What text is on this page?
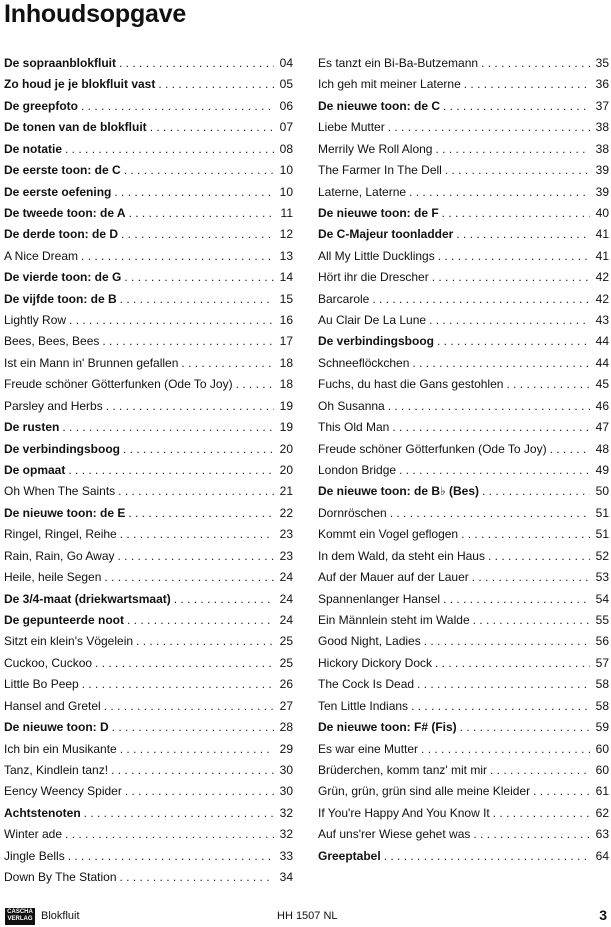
Inhoudsopgave
De sopraanblokfluit . . .	04
Zo houd je je blokfluit vast . . .	05
De greepfoto . . .	06
De tonen van de blokfluit . . .	07
De notatie . . .	08
De eerste toon: de C . . .	10
De eerste oefening . . .	10
De tweede toon: de A . . .	11
De derde toon: de D . . .	12
A Nice Dream . . .	13
De vierde toon: de G . . .	14
De vijfde toon: de B . . .	15
Lightly Row . . .	16
Bees, Bees, Bees . . .	17
Ist ein Mann in' Brunnen gefallen . . .	18
Freude schöner Götterfunken (Ode To Joy) . . .	18
Parsley and Herbs . . .	19
De rusten . . .	19
De verbindingsboog . . .	20
De opmaat . . .	20
Oh When The Saints . . .	21
De nieuwe toon: de E . . .	22
Ringel, Ringel, Reihe . . .	23
Rain, Rain, Go Away . . .	23
Heile, heile Segen . . .	24
De 3/4-maat (driekwartsmaat) . . .	24
De gepunteerde noot . . .	24
Sitzt ein klein's Vögelein . . .	25
Cuckoo, Cuckoo . . .	25
Little Bo Peep . . .	26
Hansel and Gretel . . .	27
De nieuwe toon: D . . .	28
Ich bin ein Musikante . . .	29
Tanz, Kindlein tanz! . . .	30
Eency Weency Spider . . .	30
Achtstenoten . . .	32
Winter ade . . .	32
Jingle Bells . . .	33
Down By The Station . . .	34
Es tanzt ein Bi-Ba-Butzemann . . .	35
Ich geh mit meiner Laterne . . .	36
De nieuwe toon: de C . . .	37
Liebe Mutter . . .	38
Merrily We Roll Along . . .	38
The Farmer In The Dell . . .	39
Laterne, Laterne . . .	39
De nieuwe toon: de F . . .	40
De C-Majeur toonladder . . .	41
All My Little Ducklings . . .	41
Hört ihr die Drescher . . .	42
Barcarole . . .	42
Au Clair De La Lune . . .	43
De verbindingsboog . . .	44
Schneeflöckchen . . .	44
Fuchs, du hast die Gans gestohlen . . .	45
Oh Susanna . . .	46
This Old Man . . .	47
Freude schöner Götterfunken (Ode To Joy) . . .	48
London Bridge . . .	49
De nieuwe toon: de B♭ (Bes) . . .	50
Dornröschen . . .	51
Kommt ein Vogel geflogen . . .	51
In dem Wald, da steht ein Haus . . .	52
Auf der Mauer auf der Lauer . . .	53
Spannenlanger Hansel . . .	54
Ein Männlein steht im Walde . . .	55
Good Night, Ladies . . .	56
Hickory Dickory Dock . . .	57
The Cock Is Dead . . .	58
Ten Little Indians . . .	58
De nieuwe toon: F# (Fis) . . .	59
Es war eine Mutter . . .	60
Brüderchen, komm tanz' mit mir . . .	60
Grün, grün, grün sind alle meine Kleider . . .	61
If You're Happy And You Know It . . .	62
Auf uns'rer Wiese gehet was . . .	63
Greeptabel . . .	64
CASCHA
VERLAG Blokfluit	HH 1507 NL	3
